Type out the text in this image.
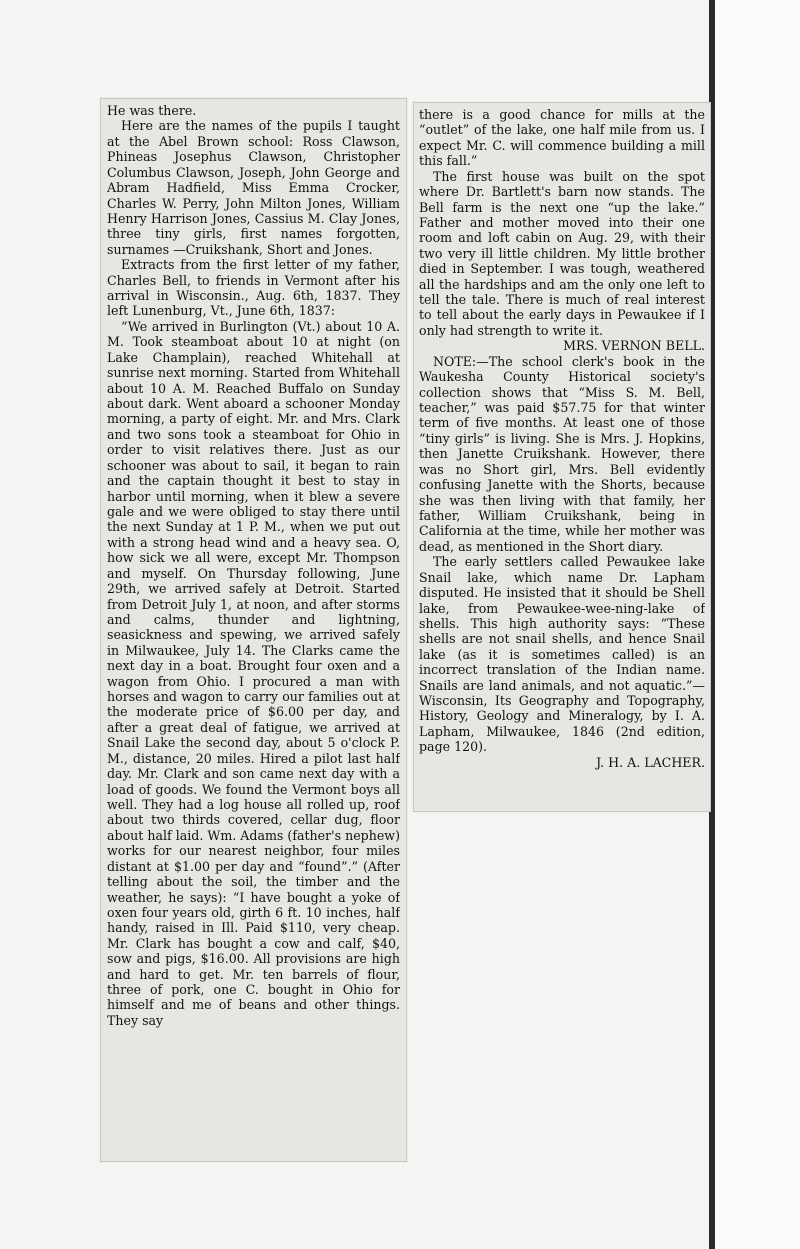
He was there.

Here are the names of the pupils I taught at the Abel Brown school: Ross Clawson, Phineas Josephus Clawson, Christopher Columbus Clawson, Joseph, John George and Abram Hadfield, Miss Emma Crocker, Charles W. Perry, John Milton Jones, William Henry Harrison Jones, Cassius M. Clay Jones, three tiny girls, first names forgotten, surnames —Cruikshank, Short and Jones.

Extracts from the first letter of my father, Charles Bell, to friends in Vermont after his arrival in Wisconsin., Aug. 6th, 1837. They left Lunenburg, Vt., June 6th, 1837:

“We arrived in Burlington (Vt.) about 10 A. M. Took steamboat about 10 at night (on Lake Champlain), reached Whitehall at sunrise next morning. Started from Whitehall about 10 A. M. Reached Buffalo on Sunday about dark. Went aboard a schooner Monday morning, a party of eight. Mr. and Mrs. Clark and two sons took a steamboat for Ohio in order to visit relatives there. Just as our schooner was about to sail, it began to rain and the captain thought it best to stay in harbor until morning, when it blew a severe gale and we were obliged to stay there until the next Sunday at 1 P. M., when we put out with a strong head wind and a heavy sea. O, how sick we all were, except Mr. Thompson and myself. On Thursday following, June 29th, we arrived safely at Detroit. Started from Detroit July 1, at noon, and after storms and calms, thunder and lightning, seasickness and spewing, we arrived safely in Milwaukee, July 14. The Clarks came the next day in a boat. Brought four oxen and a wagon from Ohio. I procured a man with horses and wagon to carry our families out at the moderate price of $6.00 per day, and after a great deal of fatigue, we arrived at Snail Lake the second day, about 5 o'clock P. M., distance, 20 miles. Hired a pilot last half day. Mr. Clark and son came next day with a load of goods. We found the Vermont boys all well. They had a log house all rolled up, roof about two thirds covered, cellar dug, floor about half laid. Wm. Adams (father's nephew) works for our nearest neighbor, four miles distant at $1.00 per day and “found”.” (After telling about the soil, the timber and the weather, he says): “I have bought a yoke of oxen four years old, girth 6 ft. 10 inches, half handy, raised in Ill. Paid $110, very cheap. Mr. Clark has bought a cow and calf, $40, sow and pigs, $16.00. All provisions are high and hard to get. Mr. ten barrels of flour, three of pork, one C. bought in Ohio for himself and me of beans and other things. They say

there is a good chance for mills at the “outlet” of the lake, one half mile from us. I expect Mr. C. will commence building a mill this fall.”

The first house was built on the spot where Dr. Bartlett's barn now stands. The Bell farm is the next one “up the lake.” Father and mother moved into their one room and loft cabin on Aug. 29, with their two very ill little children. My little brother died in September. I was tough, weathered all the hardships and am the only one left to tell the tale. There is much of real interest to tell about the early days in Pewaukee if I only had strength to write it.

MRS. VERNON BELL.

NOTE:—The school clerk's book in the Waukesha County Historical society's collection shows that “Miss S. M. Bell, teacher,” was paid $57.75 for that winter term of five months. At least one of those “tiny girls” is living. She is Mrs. J. Hopkins, then Janette Cruikshank. However, there was no Short girl, Mrs. Bell evidently confusing Janette with the Shorts, because she was then living with that family, her father, William Cruikshank, being in California at the time, while her mother was dead, as mentioned in the Short diary.

The early settlers called Pewaukee lake Snail lake, which name Dr. Lapham disputed. He insisted that it should be Shell lake, from Pewaukee-wee-ning-lake of shells. This high authority says: “These shells are not snail shells, and hence Snail lake (as it is sometimes called) is an incorrect translation of the Indian name. Snails are land animals, and not aquatic.”—Wisconsin, Its Geography and Topography, History, Geology and Mineralogy, by I. A. Lapham, Milwaukee, 1846 (2nd edition, page 120).

J. H. A. LACHER.
